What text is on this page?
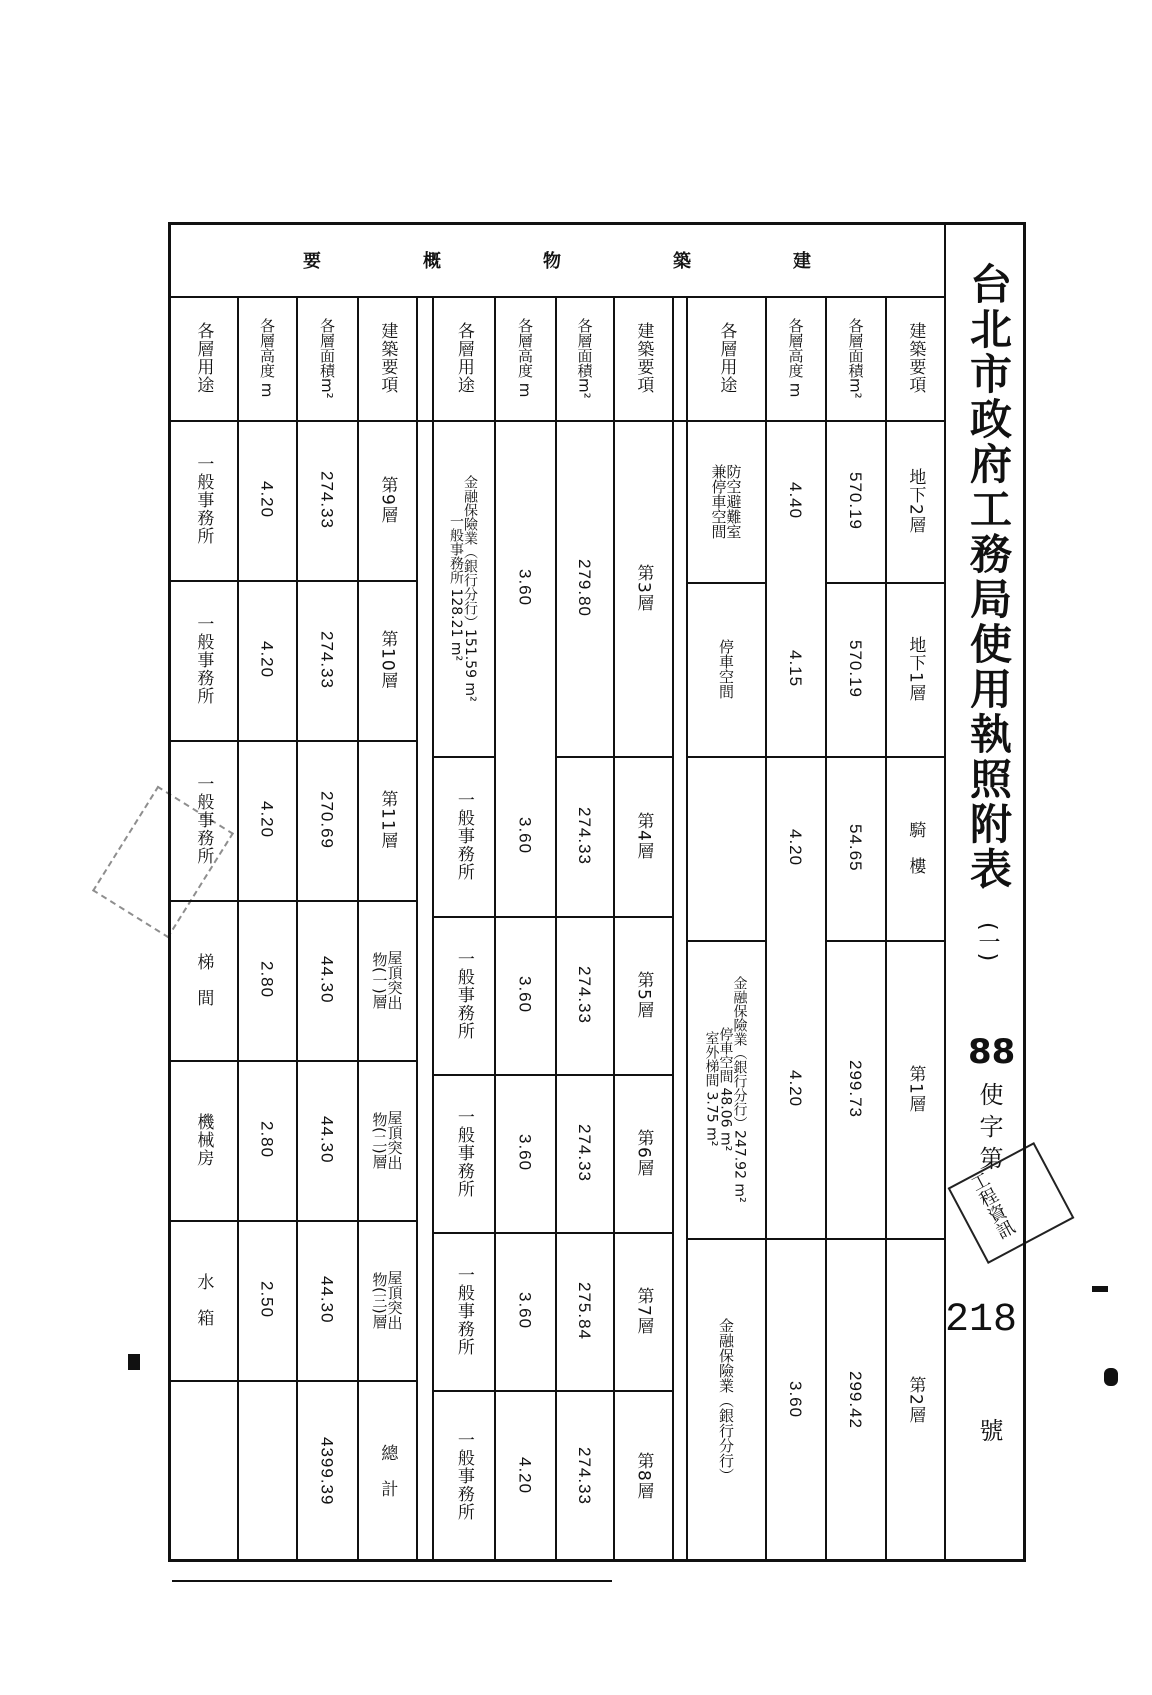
台北市政府工務局使用執照附表
(一)
88
使字第
工程資訊
218
號
建
築
物
概
要
建築要項
各層面積m²
各層高度 m
各層用途
地下2層
570.19
4.40
防空避難室
兼停車空間
地下1層
570.19
4.15
停車空間
騎　樓
54.65
4.20
第1層
299.73
4.20
金融保險業（銀行分行）247.92 m²
停車空間 48.06 m²
室外梯間 3.75 m²
第2層
299.42
3.60
金融保險業（銀行分行）
建築要項
各層面積m²
各層高度 m
各層用途
第3層
279.80
3.60
金融保險業（銀行分行）151.59 m²
一般事務所 128.21 m²
第4層
274.33
3.60
一般事務所
第5層
274.33
3.60
一般事務所
第6層
274.33
3.60
一般事務所
第7層
275.84
3.60
一般事務所
第8層
274.33
4.20
一般事務所
建築要項
各層面積m²
各層高度 m
各層用途
第9層
274.33
4.20
一般事務所
第10層
274.33
4.20
一般事務所
第11層
270.69
4.20
一般事務所
屋頂突出
物(一)層
44.30
2.80
梯　間
屋頂突出
物(二)層
44.30
2.80
機械房
屋頂突出
物(三)層
44.30
2.50
水　箱
總　計
4399.39
